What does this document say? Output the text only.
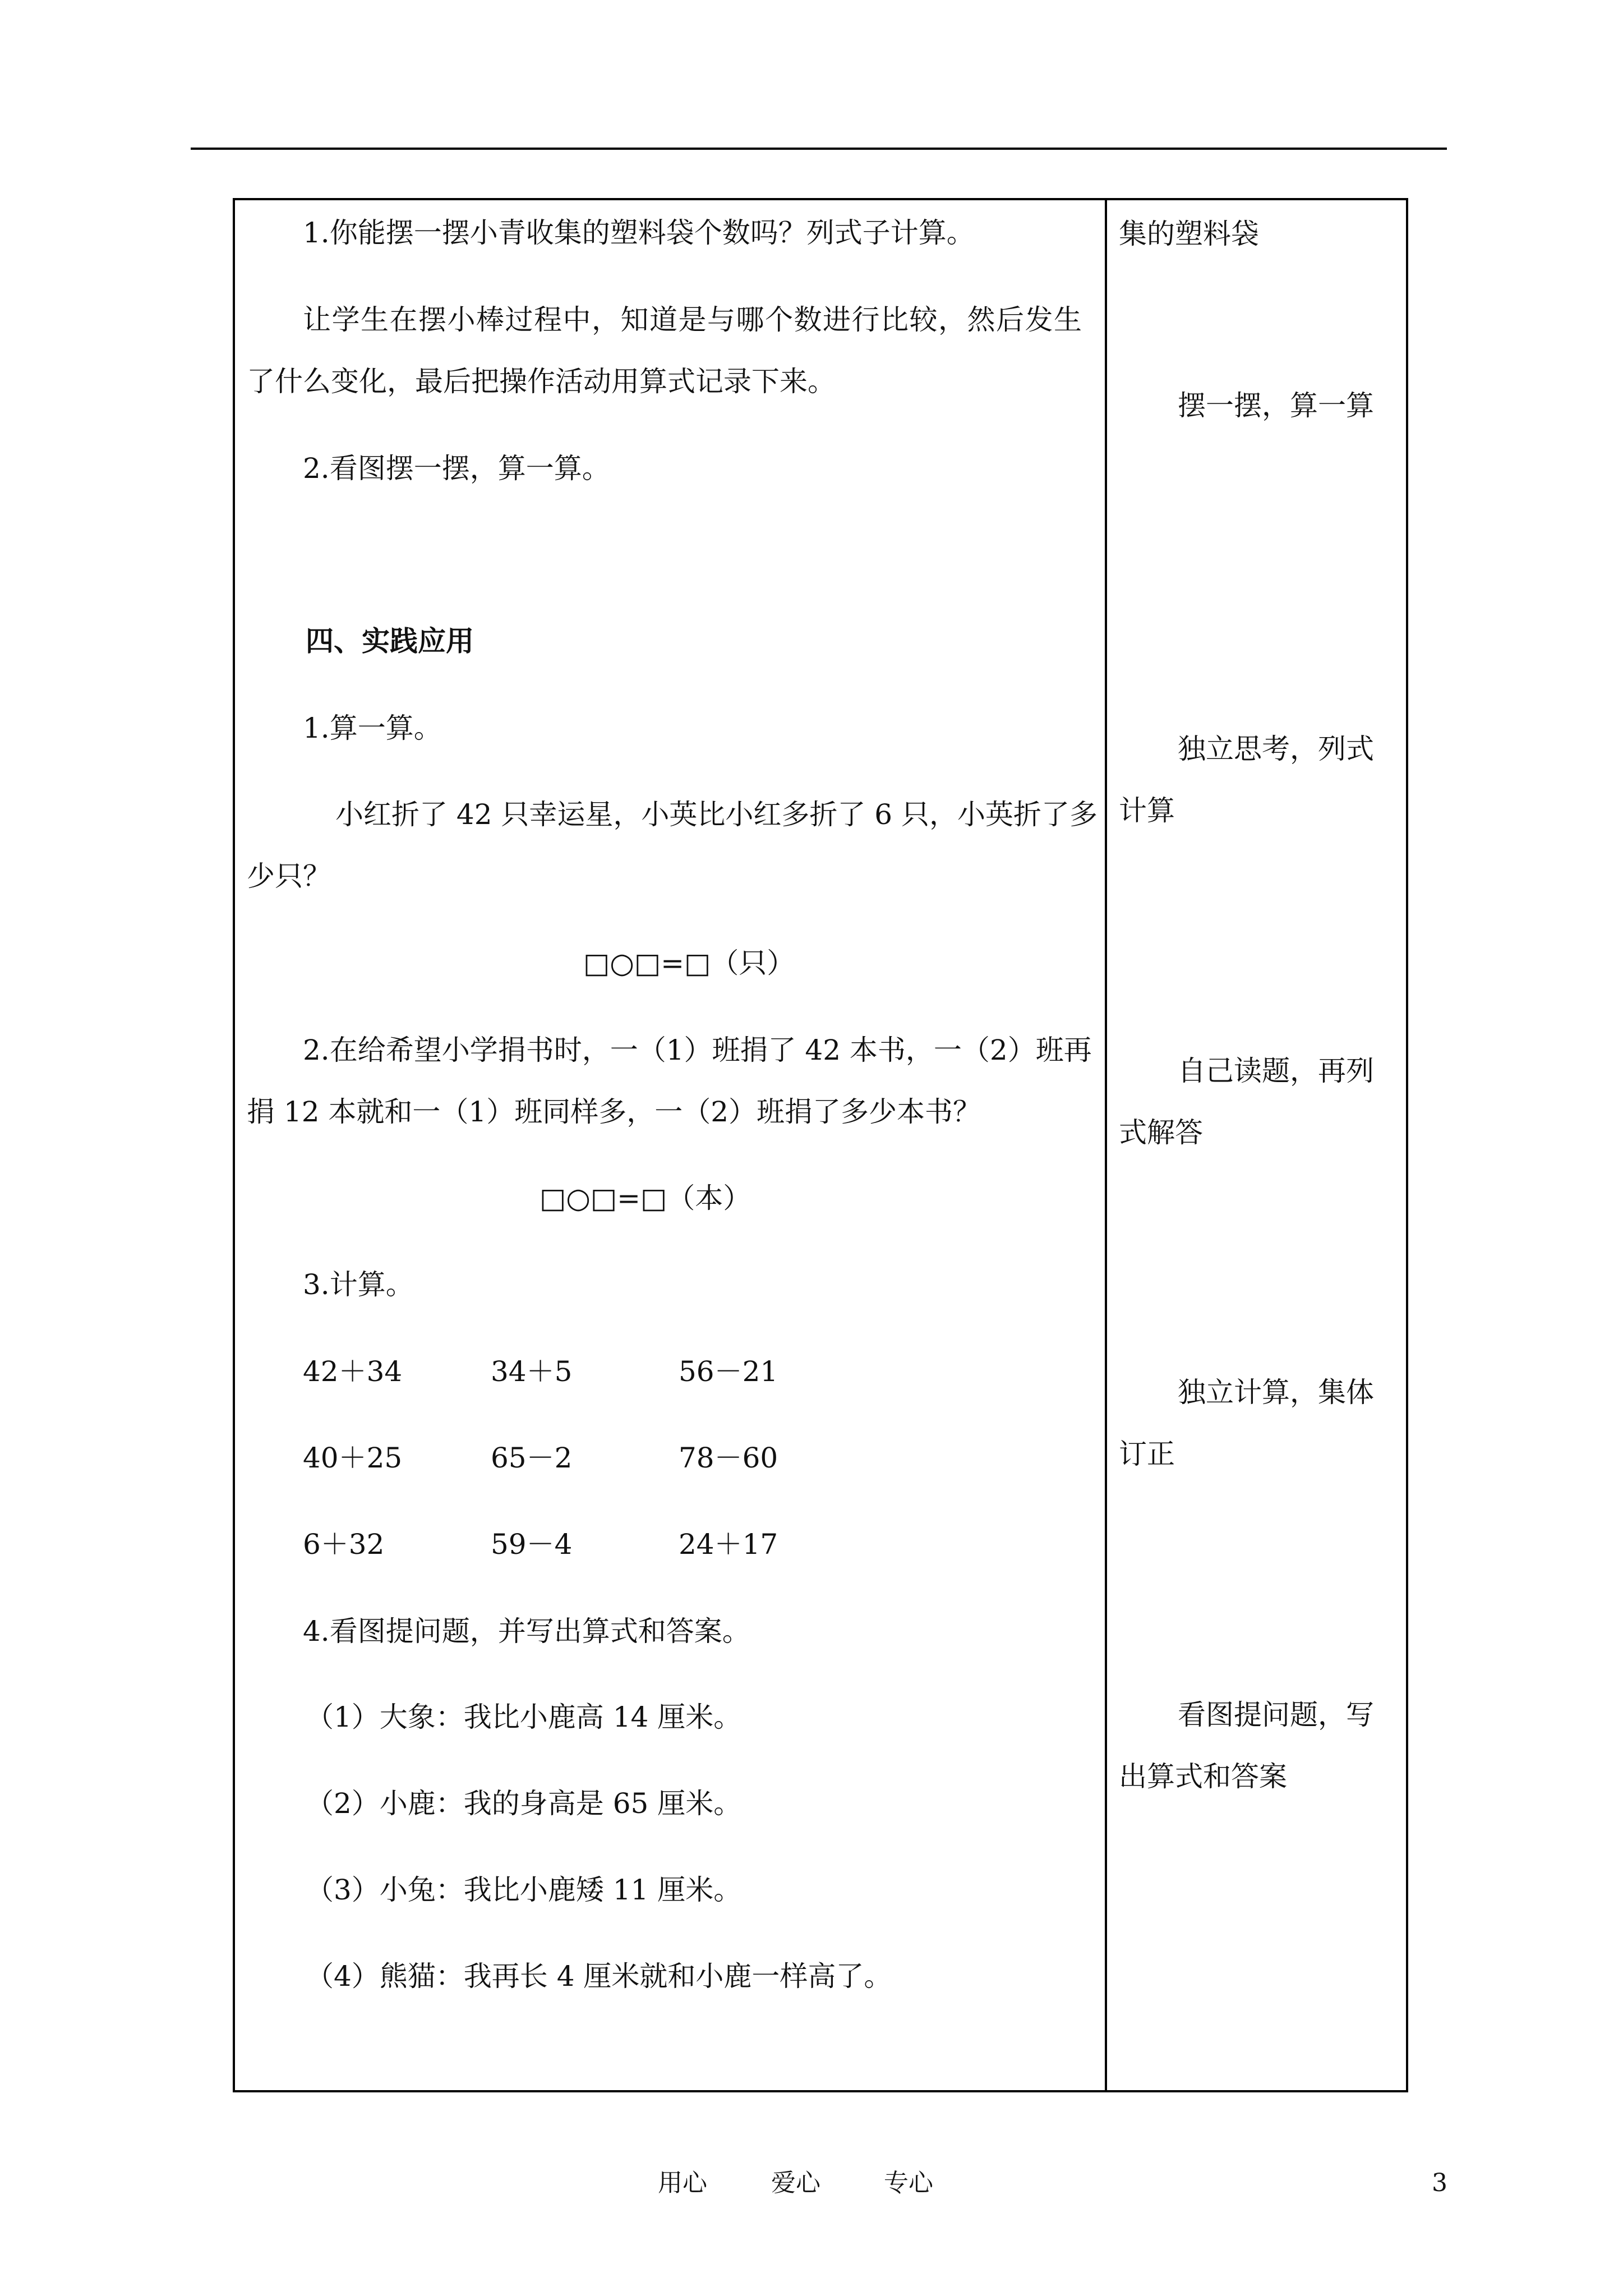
1.你能摆一摆小青收集的塑料袋个数吗？列式子计算。
让学生在摆小棒过程中，知道是与哪个数进行比较，然后发生
了什么变化，最后把操作活动用算式记录下来。
2.看图摆一摆，算一算。
四、实践应用
1.算一算。
小红折了 42 只幸运星，小英比小红多折了 6 只，小英折了多
少只？
□○□=□（只）
2.在给希望小学捐书时，一（1）班捐了 42 本书，一（2）班再
捐 12 本就和一（1）班同样多，一（2）班捐了多少本书？
□○□=□（本）
3.计算。
42＋34	34＋5	56－21
40＋25	65－2	78－60
6＋32	59－4	24＋17
4.看图提问题，并写出算式和答案。
（1）大象：我比小鹿高 14 厘米。
（2）小鹿：我的身高是 65 厘米。
（3）小兔：我比小鹿矮 11 厘米。
（4）熊猫：我再长 4 厘米就和小鹿一样高了。
集的塑料袋
摆一摆，算一算
独立思考，列式
计算
自己读题，再列
式解答
独立计算，集体
订正
看图提问题，写
出算式和答案
用心	爱心	专心	3
